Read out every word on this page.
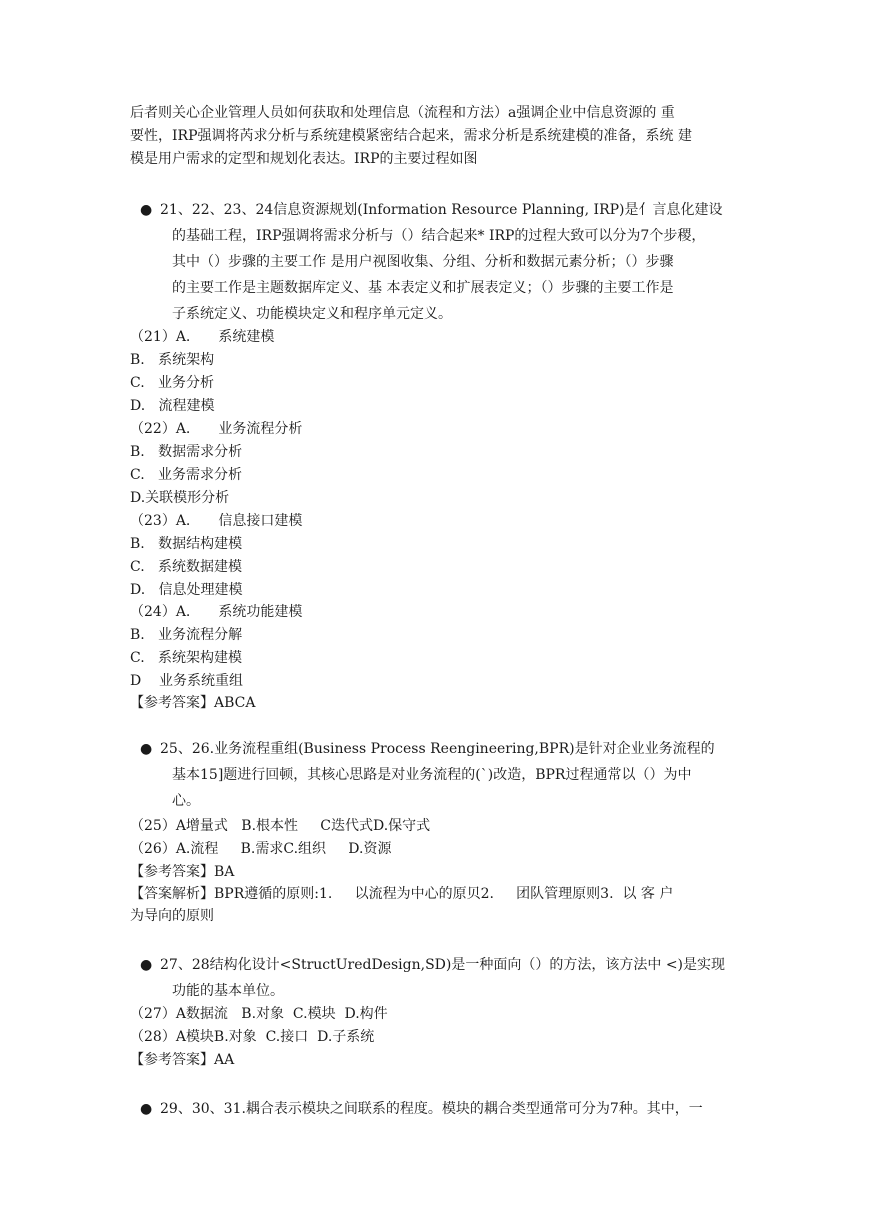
后者则关心企业管理人员如何获取和处理信息（流程和方法）a强调企业中信息资源的 重
要性，IRP强调将芮求分析与系统建模紧密结合起来，需求分析是系统建模的准备，系统 建
模是用户需求的定型和规划化表达。IRP的主要过程如图
● 21、22、23、24信息资源规划(Information Resource Planning, IRP)是亻言息化建设
的基础工程，IRP强调将需求分析与（）结合起来* IRP的过程大致可以分为7个步稷，
其中（）步骤的主要工作 是用户视图收集、分组、分析和数据元素分析；（）步骤
的主要工作是主题数据库定义、基 本表定义和扩展表定义；（）步骤的主要工作是
子系统定义、功能模块定义和程序单元定义。
（21）A. 系统建模
B. 系统架构
C. 业务分析
D. 流程建模
（22）A. 业务流程分析
B. 数据需求分析
C. 业务需求分析
D.关联模形分析
（23）A. 信息接口建模
B. 数据结构建模
C. 系统数据建模
D. 信息处理建模
（24）A. 系统功能建模
B. 业务流程分解
C. 系统架构建模
D 业务系统重组
【参考答案】ABCA
● 25、26.业务流程重组(Business Process Reengineering,BPR)是针对企业业务流程的
基本15]题进行回顿，其核心思路是对业务流程的(`)改造，BPR过程通常以（）为中
心。
（25）A增量式   B.根本性     C迭代式D.保守式
（26）A.流程     B.需求C.组织     D.资源
【参考答案】BA
【答案解析】BPR遵循的原则:1.     以流程为中心的原贝2.     团队管理原则3.  以 客 户
为导向的原则
● 27、28结构化设计<StructUredDesign,SD)是一种面向（）的方法，该方法中 <)是实现
功能的基本单位。
（27）A数据流   B.对象  C.模块  D.构件
（28）A模块B.对象  C.接口  D.子系统
【参考答案】AA
● 29、30、31.耦合表示模块之间联系的程度。模块的耦合类型通常可分为7种。其中，一
